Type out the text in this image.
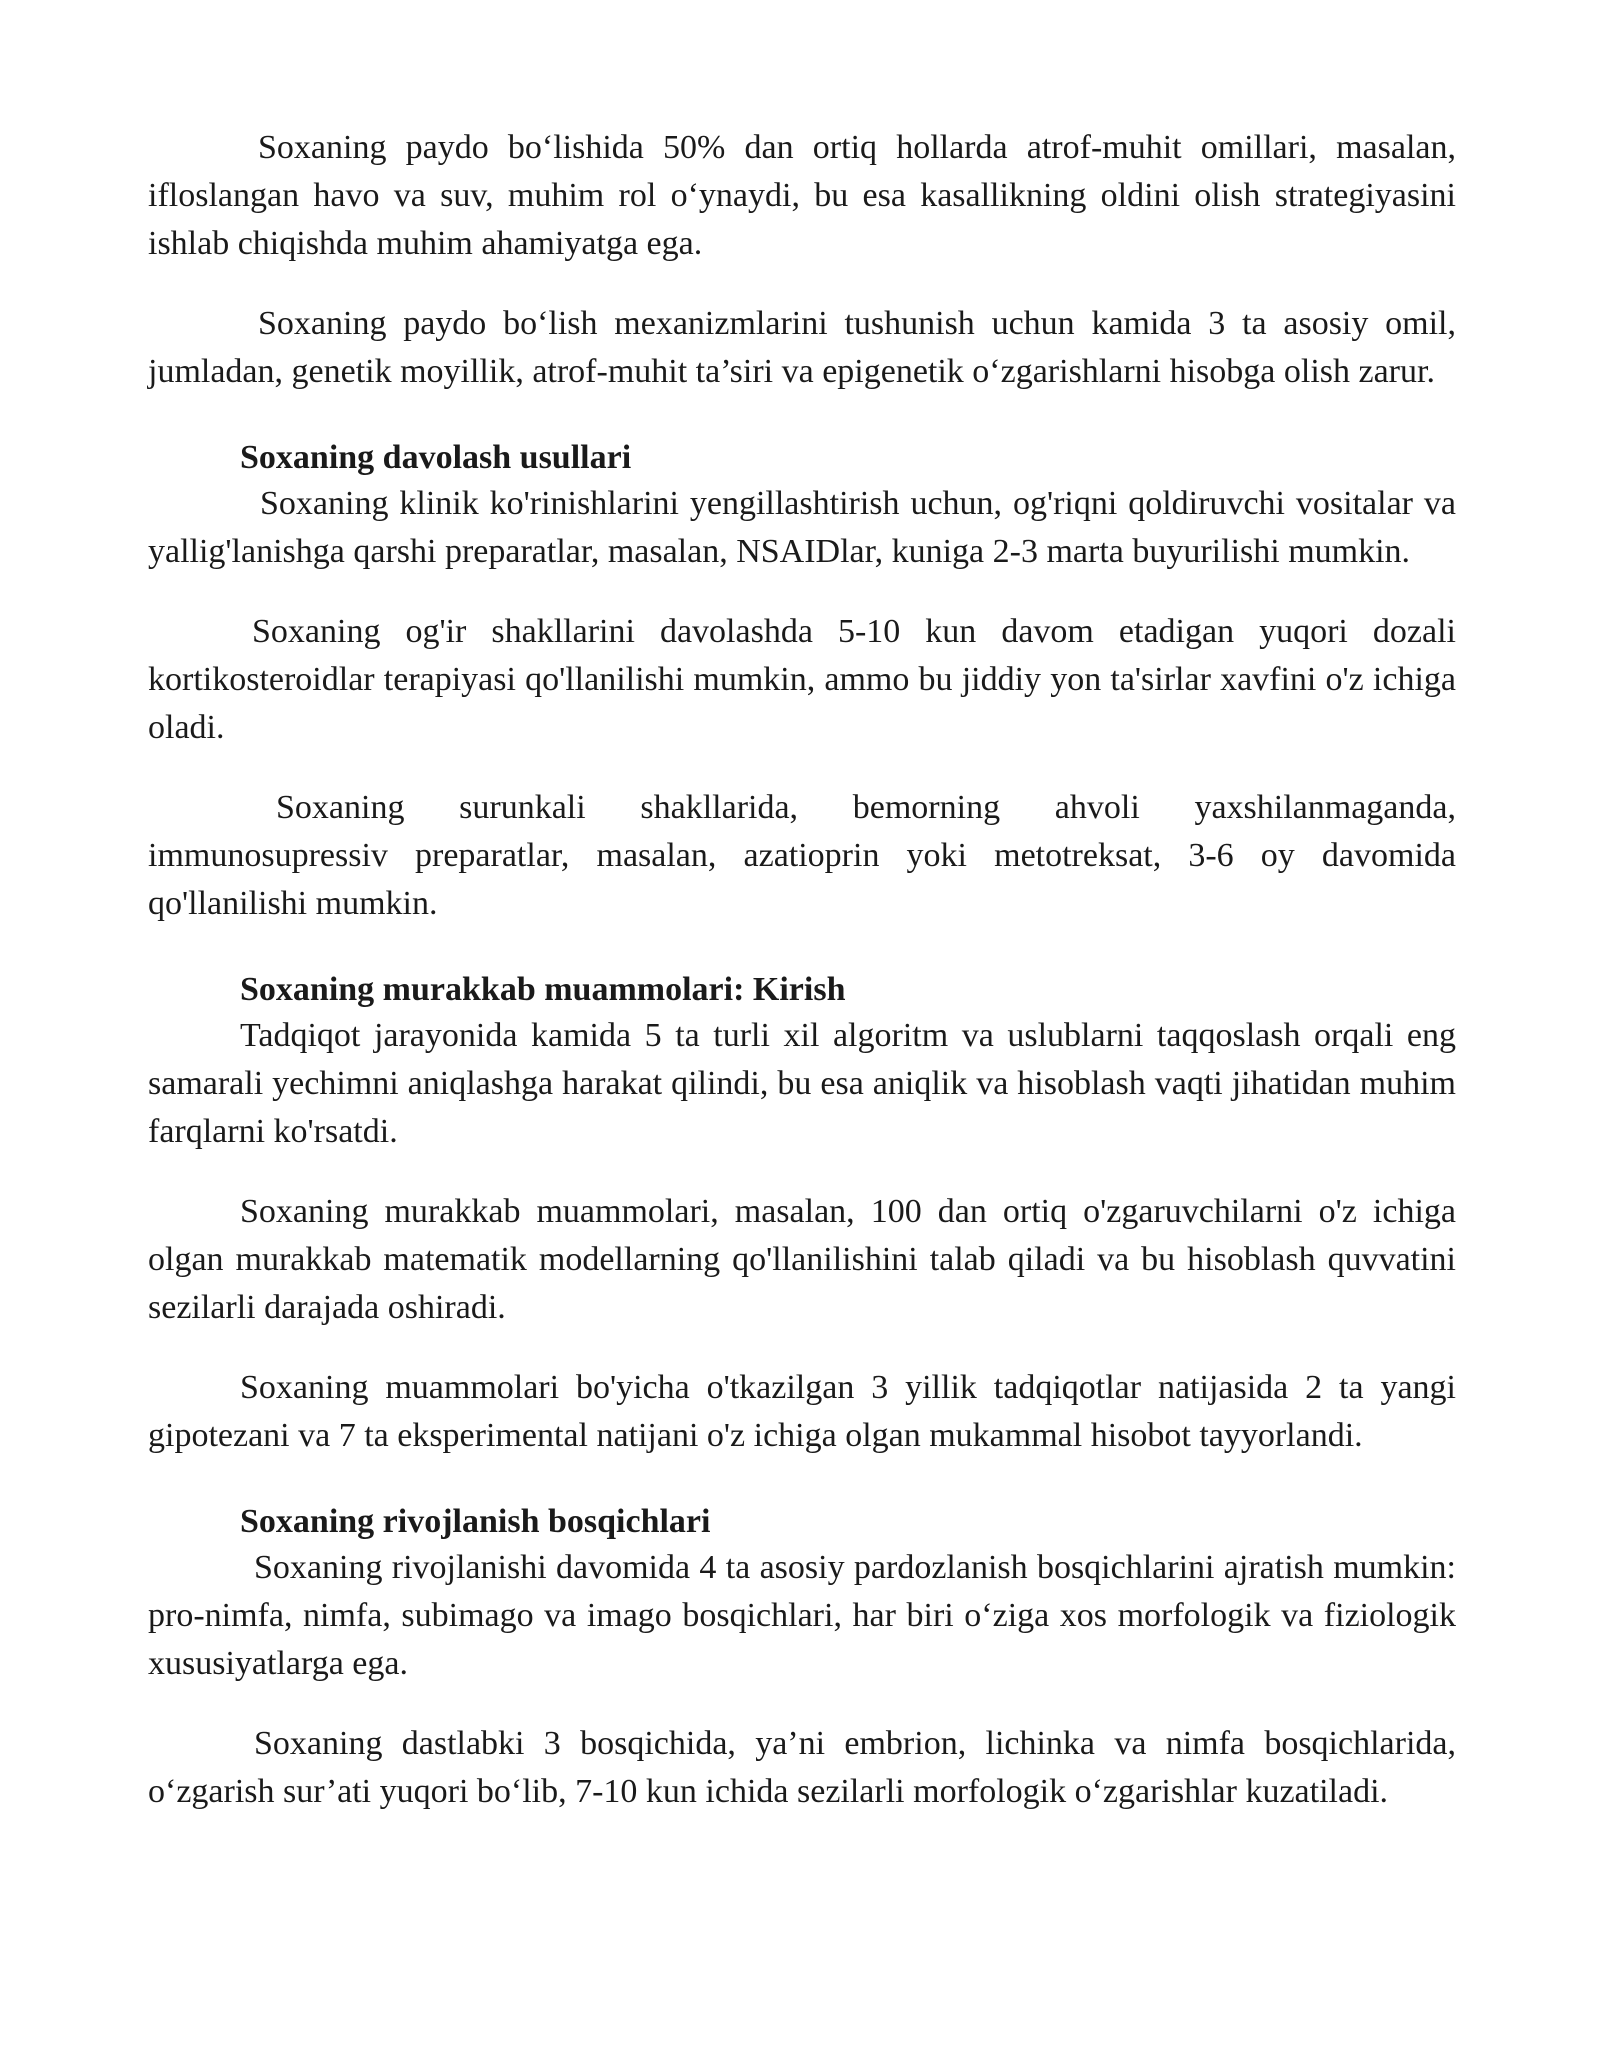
Soxaning paydo bo‘lishida 50% dan ortiq hollarda atrof-muhit omillari, masalan, ifloslangan havo va suv, muhim rol o‘ynaydi, bu esa kasallikning oldini olish strategiyasini ishlab chiqishda muhim ahamiyatga ega.

Soxaning paydo bo‘lish mexanizmlarini tushunish uchun kamida 3 ta asosiy omil, jumladan, genetik moyillik, atrof-muhit ta’siri va epigenetik o‘zgarishlarni hisobga olish zarur.

Soxaning davolash usullari

Soxaning klinik ko'rinishlarini yengillashtirish uchun, og'riqni qoldiruvchi vositalar va yallig'lanishga qarshi preparatlar, masalan, NSAIDlar, kuniga 2-3 marta buyurilishi mumkin.

Soxaning og'ir shakllarini davolashda 5-10 kun davom etadigan yuqori dozali kortikosteroidlar terapiyasi qo'llanilishi mumkin, ammo bu jiddiy yon ta'sirlar xavfini o'z ichiga oladi.

Soxaning surunkali shakllarida, bemorning ahvoli yaxshilanmaganda, immunosupressiv preparatlar, masalan, azatioprin yoki metotreksat, 3-6 oy davomida qo'llanilishi mumkin.

Soxaning murakkab muammolari: Kirish

Tadqiqot jarayonida kamida 5 ta turli xil algoritm va uslublarni taqqoslash orqali eng samarali yechimni aniqlashga harakat qilindi, bu esa aniqlik va hisoblash vaqti jihatidan muhim farqlarni ko'rsatdi.

Soxaning murakkab muammolari, masalan, 100 dan ortiq o'zgaruvchilarni o'z ichiga olgan murakkab matematik modellarning qo'llanilishini talab qiladi va bu hisoblash quvvatini sezilarli darajada oshiradi.

Soxaning muammolari bo'yicha o'tkazilgan 3 yillik tadqiqotlar natijasida 2 ta yangi gipotezani va 7 ta eksperimental natijani o'z ichiga olgan mukammal hisobot tayyorlandi.

Soxaning rivojlanish bosqichlari

Soxaning rivojlanishi davomida 4 ta asosiy pardozlanish bosqichlarini ajratish mumkin: pro-nimfa, nimfa, subimago va imago bosqichlari, har biri o‘ziga xos morfologik va fiziologik xususiyatlarga ega.

Soxaning dastlabki 3 bosqichida, ya’ni embrion, lichinka va nimfa bosqichlarida, o‘zgarish sur’ati yuqori bo‘lib, 7-10 kun ichida sezilarli morfologik o‘zgarishlar kuzatiladi.
